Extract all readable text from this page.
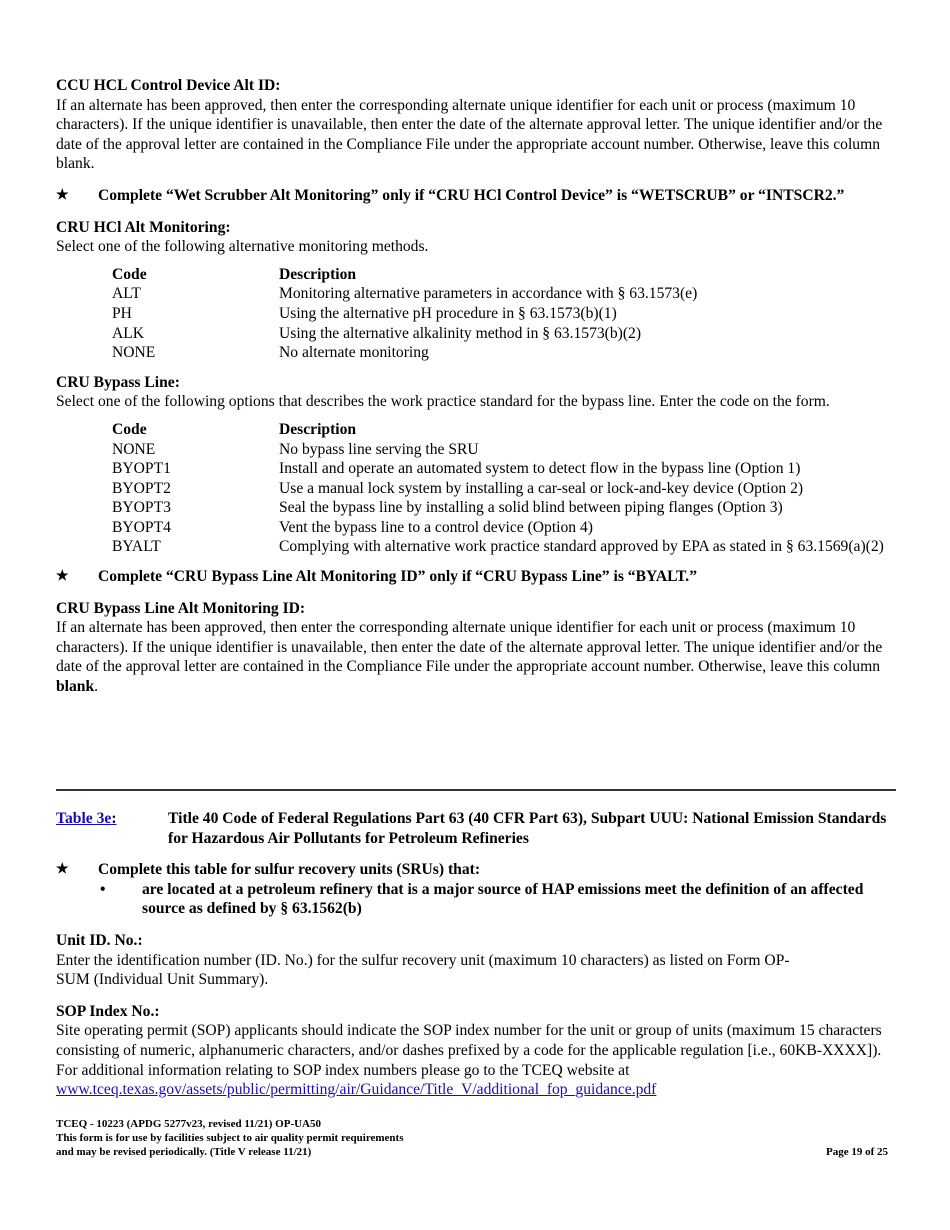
CCU HCL Control Device Alt ID:

If an alternate has been approved, then enter the corresponding alternate unique identifier for each unit or process (maximum 10 characters). If the unique identifier is unavailable, then enter the date of the alternate approval letter. The unique identifier and/or the date of the approval letter are contained in the Compliance File under the appropriate account number. Otherwise, leave this column blank.

★ Complete “Wet Scrubber Alt Monitoring” only if “CRU HCl Control Device” is “WETSCRUB” or “INTSCR2.”

CRU HCl Alt Monitoring:

Select one of the following alternative monitoring methods.

Code	Description
ALT	Monitoring alternative parameters in accordance with § 63.1573(e)
PH	Using the alternative pH procedure in § 63.1573(b)(1)
ALK	Using the alternative alkalinity method in § 63.1573(b)(2)
NONE	No alternate monitoring

CRU Bypass Line:

Select one of the following options that describes the work practice standard for the bypass line. Enter the code on the form.

Code	Description
NONE	No bypass line serving the SRU
BYOPT1	Install and operate an automated system to detect flow in the bypass line (Option 1)
BYOPT2	Use a manual lock system by installing a car-seal or lock-and-key device (Option 2)
BYOPT3	Seal the bypass line by installing a solid blind between piping flanges (Option 3)
BYOPT4	Vent the bypass line to a control device (Option 4)
BYALT	Complying with alternative work practice standard approved by EPA as stated in § 63.1569(a)(2)
★ Complete “CRU Bypass Line Alt Monitoring ID” only if “CRU Bypass Line” is “BYALT.”

CRU Bypass Line Alt Monitoring ID:

If an alternate has been approved, then enter the corresponding alternate unique identifier for each unit or process (maximum 10 characters). If the unique identifier is unavailable, then enter the date of the alternate approval letter. The unique identifier and/or the date of the approval letter are contained in the Compliance File under the appropriate account number. Otherwise, leave this column blank.

Table 3e:	Title 40 Code of Federal Regulations Part 63 (40 CFR Part 63), Subpart UUU: National Emission Standards for Hazardous Air Pollutants for Petroleum Refineries
★ Complete this table for sulfur recovery units (SRUs) that:
• are located at a petroleum refinery that is a major source of HAP emissions meet the definition of an affected source as defined by § 63.1562(b)

Unit ID. No.:

Enter the identification number (ID. No.) for the sulfur recovery unit (maximum 10 characters) as listed on Form OP-SUM (Individual Unit Summary).

SOP Index No.:

Site operating permit (SOP) applicants should indicate the SOP index number for the unit or group of units (maximum 15 characters consisting of numeric, alphanumeric characters, and/or dashes prefixed by a code for the applicable regulation [i.e., 60KB-XXXX]). For additional information relating to SOP index numbers please go to the TCEQ website at www.tceq.texas.gov/assets/public/permitting/air/Guidance/Title_V/additional_fop_guidance.pdf

TCEQ - 10223 (APDG 5277v23, revised 11/21) OP-UA50
This form is for use by facilities subject to air quality permit requirements
and may be revised periodically. (Title V release 11/21)	Page 19 of 25
